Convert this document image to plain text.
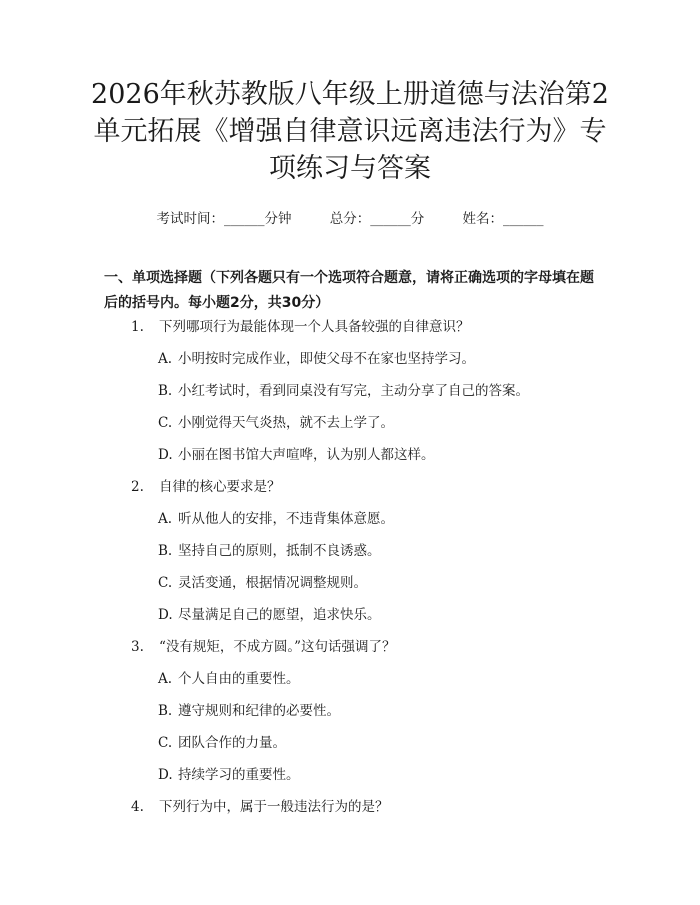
2026年秋苏教版八年级上册道德与法治第2单元拓展《增强自律意识远离违法行为》专项练习与答案
考试时间：______分钟	总分：______分	姓名：______

一、单项选择题（下列各题只有一个选项符合题意，请将正确选项的字母填在题后的括号内。每小题2分，共30分）

1. 下列哪项行为最能体现一个人具备较强的自律意识？
A. 小明按时完成作业，即使父母不在家也坚持学习。
B. 小红考试时，看到同桌没有写完，主动分享了自己的答案。
C. 小刚觉得天气炎热，就不去上学了。
D. 小丽在图书馆大声喧哗，认为别人都这样。
2. 自律的核心要求是？
A. 听从他人的安排，不违背集体意愿。
B. 坚持自己的原则，抵制不良诱惑。
C. 灵活变通，根据情况调整规则。
D. 尽量满足自己的愿望，追求快乐。
3. “没有规矩，不成方圆。”这句话强调了？
A. 个人自由的重要性。
B. 遵守规则和纪律的必要性。
C. 团队合作的力量。
D. 持续学习的重要性。
4. 下列行为中，属于一般违法行为的是？
